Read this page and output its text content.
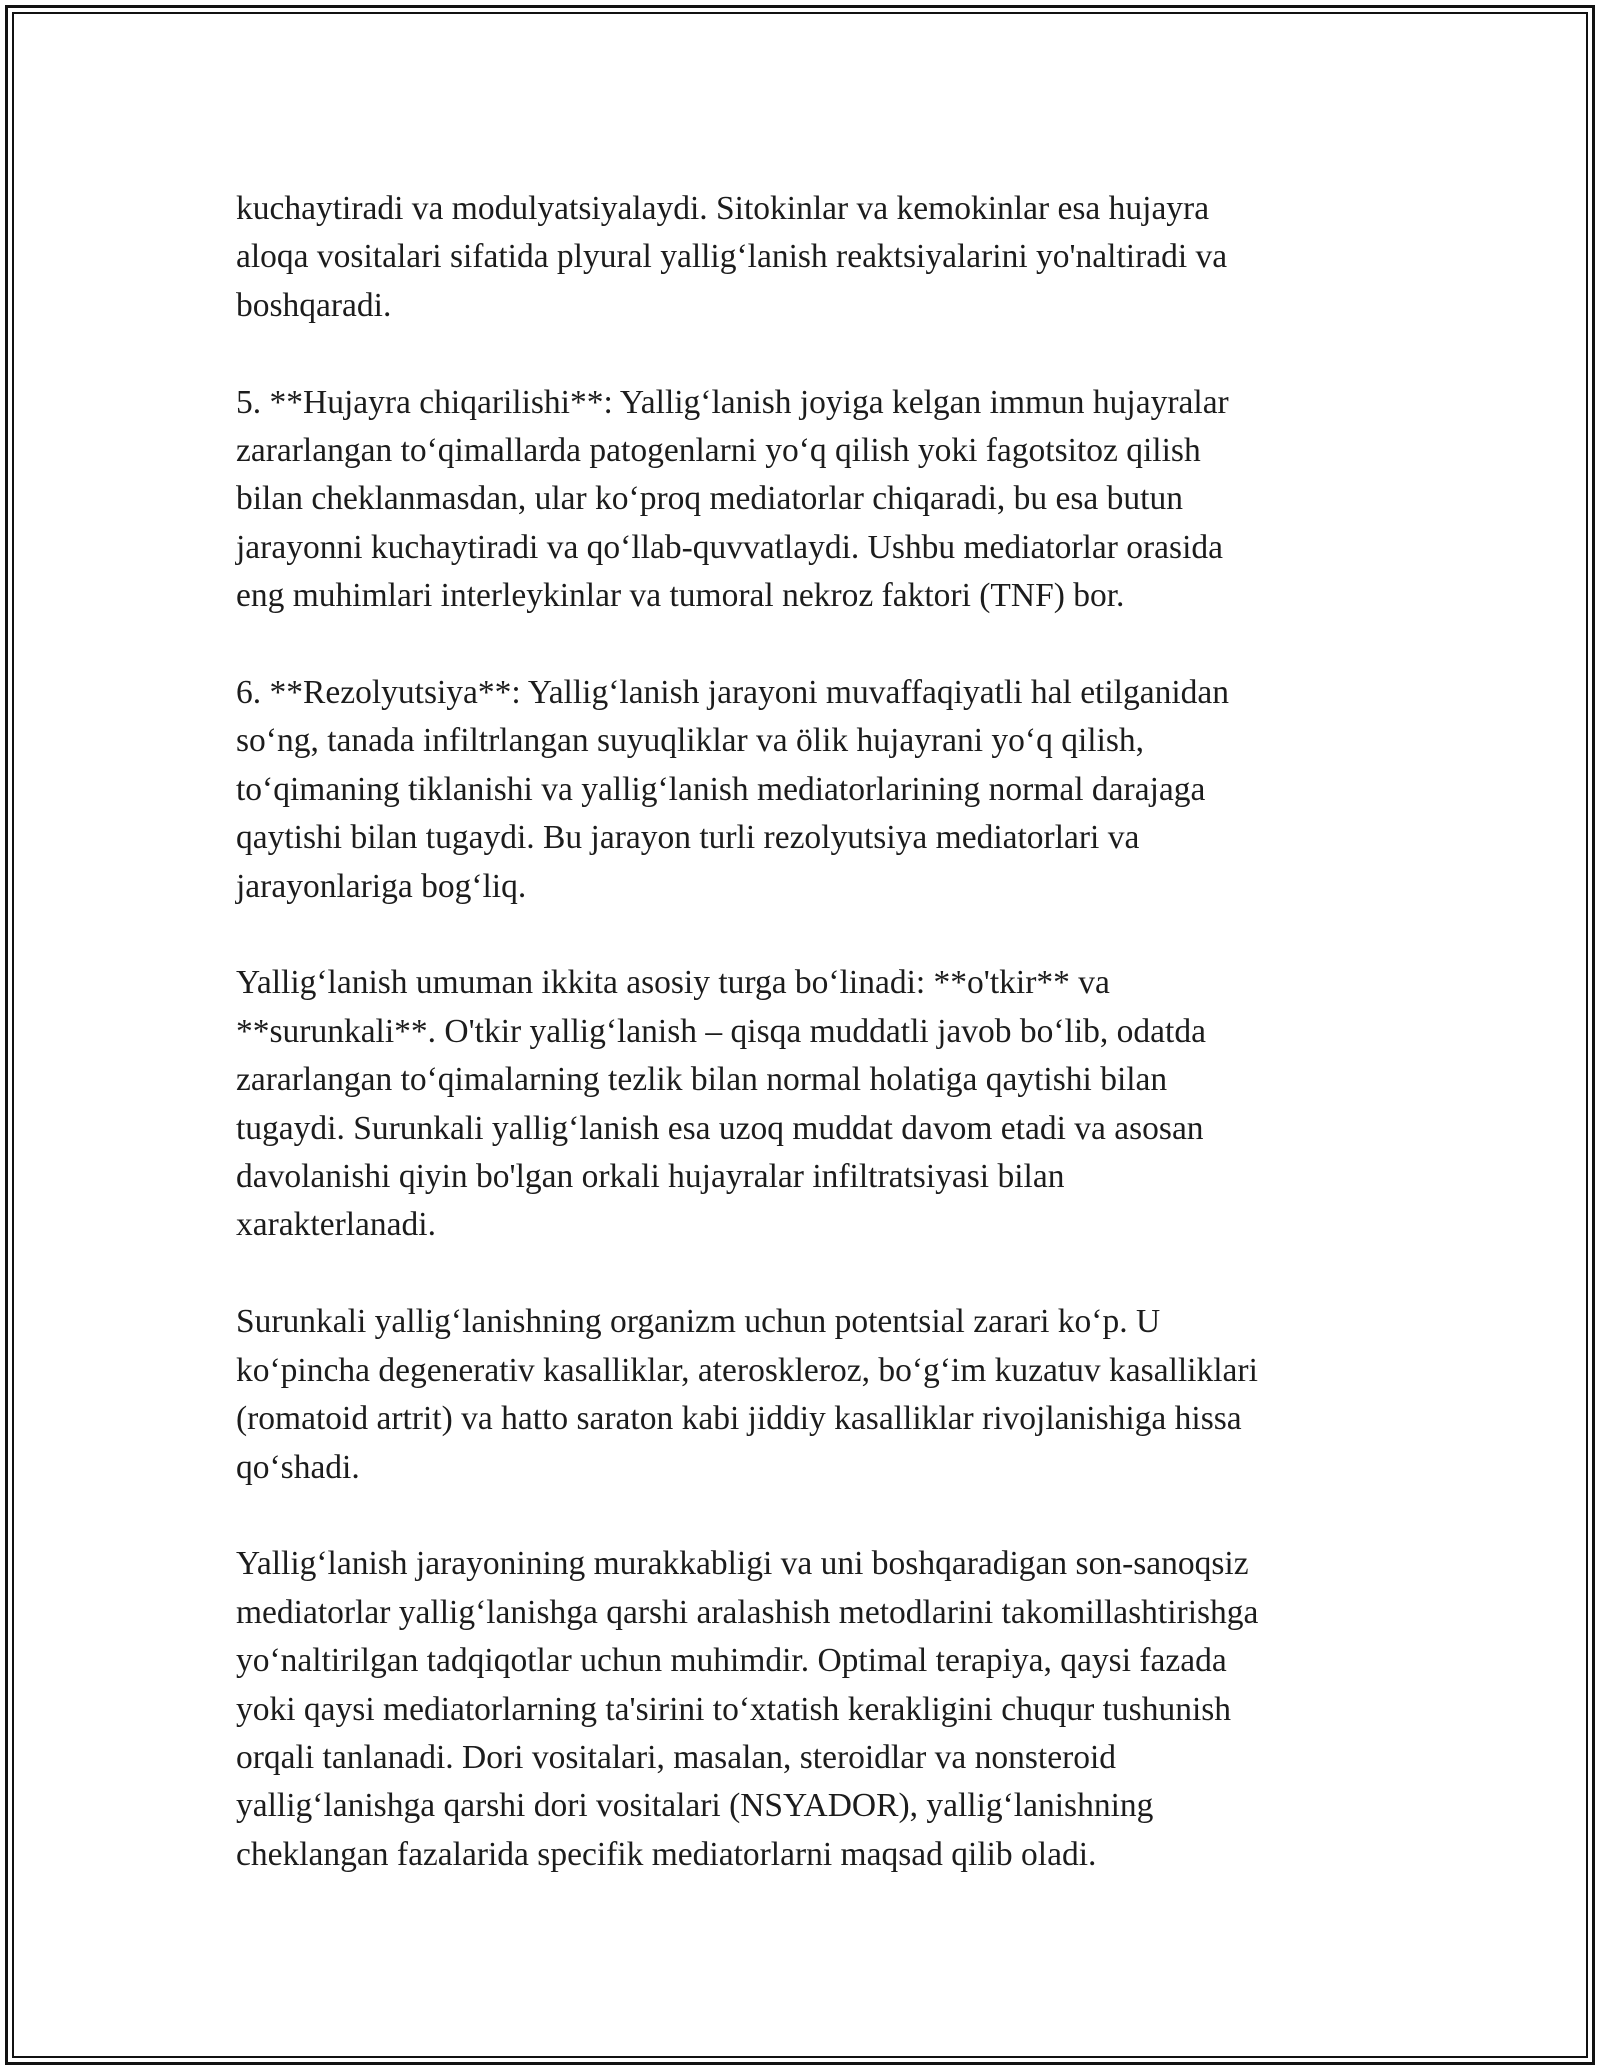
kuchaytiradi va modulyatsiyalaydi. Sitokinlar va kemokinlar esa hujayra
aloqa vositalari sifatida plyural yallig‘lanish reaktsiyalarini yo'naltiradi va
boshqaradi.

5. **Hujayra chiqarilishi**: Yallig‘lanish joyiga kelgan immun hujayralar
zararlangan to‘qimallarda patogenlarni yo‘q qilish yoki fagotsitoz qilish
bilan cheklanmasdan, ular ko‘proq mediatorlar chiqaradi, bu esa butun
jarayonni kuchaytiradi va qo‘llab-quvvatlaydi. Ushbu mediatorlar orasida
eng muhimlari interleykinlar va tumoral nekroz faktori (TNF) bor.

6. **Rezolyutsiya**: Yallig‘lanish jarayoni muvaffaqiyatli hal etilganidan
so‘ng, tanada infiltrlangan suyuqliklar va ölik hujayrani yo‘q qilish,
to‘qimaning tiklanishi va yallig‘lanish mediatorlarining normal darajaga
qaytishi bilan tugaydi. Bu jarayon turli rezolyutsiya mediatorlari va
jarayonlariga bog‘liq.

Yallig‘lanish umuman ikkita asosiy turga bo‘linadi: **o'tkir** va
**surunkali**. O'tkir yallig‘lanish – qisqa muddatli javob bo‘lib, odatda
zararlangan to‘qimalarning tezlik bilan normal holatiga qaytishi bilan
tugaydi. Surunkali yallig‘lanish esa uzoq muddat davom etadi va asosan
davolanishi qiyin bo'lgan orkali hujayralar infiltratsiyasi bilan
xarakterlanadi.

Surunkali yallig‘lanishning organizm uchun potentsial zarari ko‘p. U
ko‘pincha degenerativ kasalliklar, ateroskleroz, bo‘g‘im kuzatuv kasalliklari
(romatoid artrit) va hatto saraton kabi jiddiy kasalliklar rivojlanishiga hissa
qo‘shadi.

Yallig‘lanish jarayonining murakkabligi va uni boshqaradigan son-sanoqsiz
mediatorlar yallig‘lanishga qarshi aralashish metodlarini takomillashtirishga
yo‘naltirilgan tadqiqotlar uchun muhimdir. Optimal terapiya, qaysi fazada
yoki qaysi mediatorlarning ta'sirini to‘xtatish kerakligini chuqur tushunish
orqali tanlanadi. Dori vositalari, masalan, steroidlar va nonsteroid
yallig‘lanishga qarshi dori vositalari (NSYADOR), yallig‘lanishning
cheklangan fazalarida specifik mediatorlarni maqsad qilib oladi.
